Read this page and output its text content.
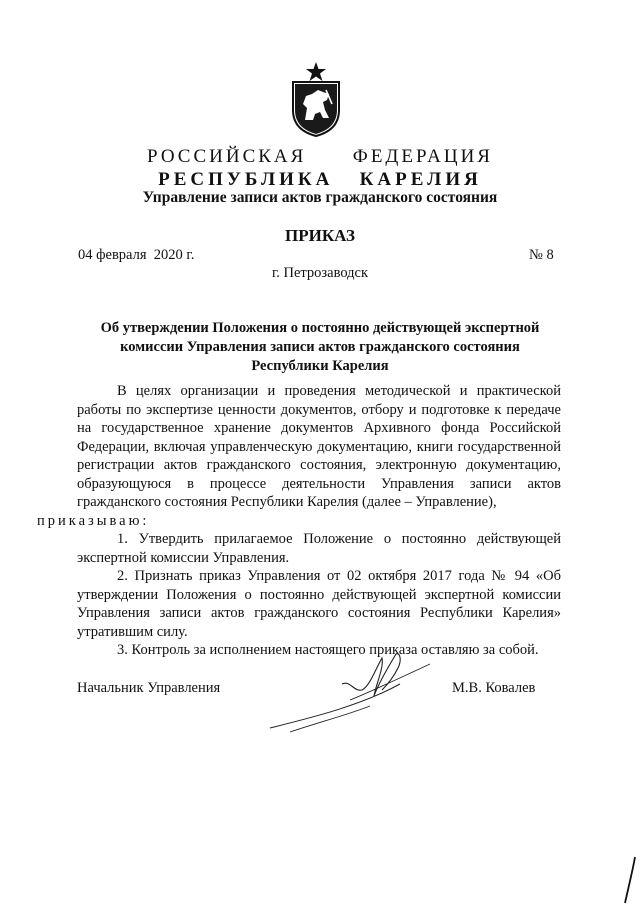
РОССИЙСКАЯ      ФЕДЕРАЦИЯ
РЕСПУБЛИКА   КАРЕЛИЯ
Управление записи актов гражданского состояния
ПРИКАЗ
04 февраля  2020 г.	№ 8
г. Петрозаводск
Об утверждении Положения о постоянно действующей экспертной комиссии Управления записи актов гражданского состояния Республики Карелия

В целях организации и проведения методической и практической работы по экспертизе ценности документов, отбору и подготовке к передаче на государственное хранение документов Архивного фонда Российской Федерации, включая управленческую документацию, книги государственной регистрации актов гражданского состояния, электронную документацию, образующуюся в процессе деятельности Управления записи актов гражданского состояния Республики Карелия (далее – Управление),
приказываю:

1. Утвердить прилагаемое Положение о постоянно действующей экспертной комиссии Управления.

2. Признать приказ Управления от 02 октября 2017 года № 94 «Об утверждении Положения о постоянно действующей экспертной комиссии Управления записи актов гражданского состояния Республики Карелия» утратившим силу.

3. Контроль за исполнением настоящего приказа оставляю за собой.

Начальник Управления	М.В. Ковалев
